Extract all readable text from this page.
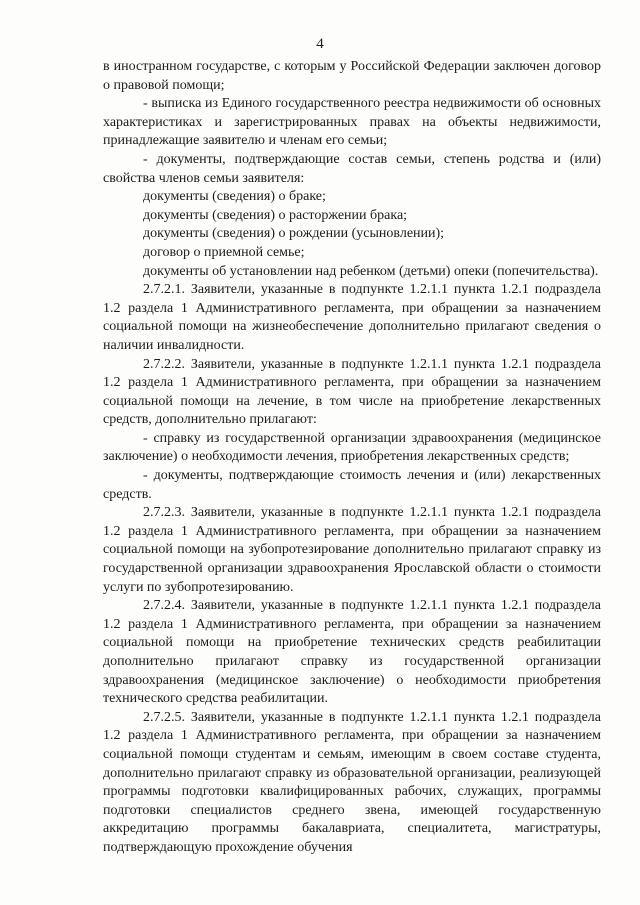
4

в иностранном государстве, с которым у Российской Федерации заключен договор о правовой помощи;

- выписка из Единого государственного реестра недвижимости об основных характеристиках и зарегистрированных правах на объекты недвижимости, принадлежащие заявителю и членам его семьи;

- документы, подтверждающие состав семьи, степень родства и (или) свойства членов семьи заявителя:

документы (сведения) о браке;

документы (сведения) о расторжении брака;

документы (сведения) о рождении (усыновлении);

договор о приемной семье;

документы об установлении над ребенком (детьми) опеки (попечительства).

2.7.2.1. Заявители, указанные в подпункте 1.2.1.1 пункта 1.2.1 подраздела 1.2 раздела 1 Административного регламента, при обращении за назначением социальной помощи на жизнеобеспечение дополнительно прилагают сведения о наличии инвалидности.

2.7.2.2. Заявители, указанные в подпункте 1.2.1.1 пункта 1.2.1 подраздела 1.2 раздела 1 Административного регламента, при обращении за назначением социальной помощи на лечение, в том числе на приобретение лекарственных средств, дополнительно прилагают:

- справку из государственной организации здравоохранения (медицинское заключение) о необходимости лечения, приобретения лекарственных средств;

- документы, подтверждающие стоимость лечения и (или) лекарственных средств.

2.7.2.3. Заявители, указанные в подпункте 1.2.1.1 пункта 1.2.1 подраздела 1.2 раздела 1 Административного регламента, при обращении за назначением социальной помощи на зубопротезирование дополнительно прилагают справку из государственной организации здравоохранения Ярославской области о стоимости услуги по зубопротезированию.

2.7.2.4. Заявители, указанные в подпункте 1.2.1.1 пункта 1.2.1 подраздела 1.2 раздела 1 Административного регламента, при обращении за назначением социальной помощи на приобретение технических средств реабилитации дополнительно прилагают справку из государственной организации здравоохранения (медицинское заключение) о необходимости приобретения технического средства реабилитации.

2.7.2.5. Заявители, указанные в подпункте 1.2.1.1 пункта 1.2.1 подраздела 1.2 раздела 1 Административного регламента, при обращении за назначением социальной помощи студентам и семьям, имеющим в своем составе студента, дополнительно прилагают справку из образовательной организации, реализующей программы подготовки квалифицированных рабочих, служащих, программы подготовки специалистов среднего звена, имеющей государственную аккредитацию программы бакалавриата, специалитета, магистратуры, подтверждающую прохождение обучения
